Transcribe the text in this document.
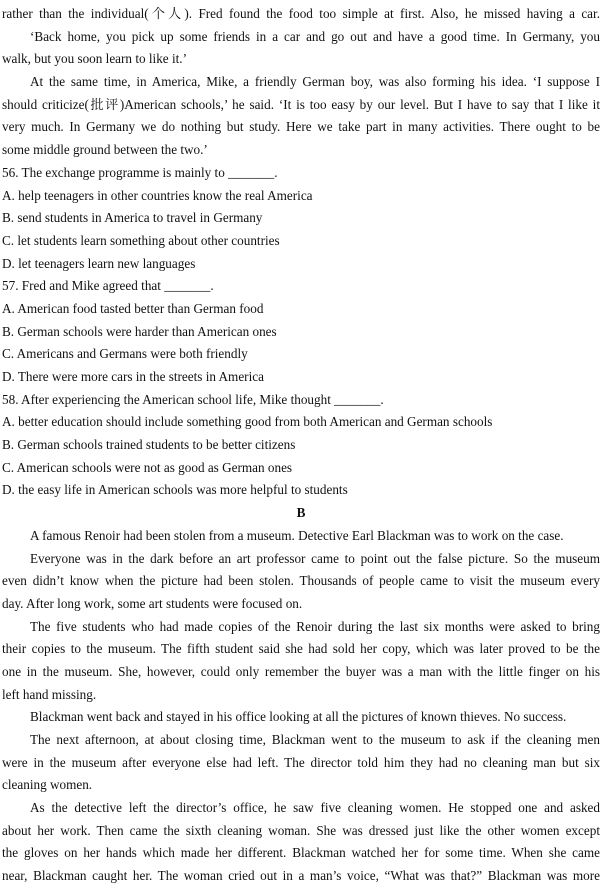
rather than the individual(个人). Fred found the food too simple at first. Also, he missed having a car.
‘Back home, you pick up some friends in a car and go out and have a good time. In Germany, you
walk, but you soon learn to like it.’
At the same time, in America, Mike, a friendly German boy, was also forming his idea. ‘I suppose I
should criticize(批评)American schools,’ he said. ‘It is too easy by our level. But I have to say that I like it
very much. In Germany we do nothing but study. Here we take part in many activities. There ought to be
some middle ground between the two.’
56. The exchange programme is mainly to _______.
A. help teenagers in other countries know the real America
B. send students in America to travel in Germany
C. let students learn something about other countries
D. let teenagers learn new languages
57. Fred and Mike agreed that _______.
A. American food tasted better than German food
B. German schools were harder than American ones
C. Americans and Germans were both friendly
D. There were more cars in the streets in America
58. After experiencing the American school life, Mike thought _______.
A. better education should include something good from both American and German schools
B. German schools trained students to be better citizens
C. American schools were not as good as German ones
D. the easy life in American schools was more helpful to students
B
A famous Renoir had been stolen from a museum. Detective Earl Blackman was to work on the case.
Everyone was in the dark before an art professor came to point out the false picture. So the museum
even didn’t know when the picture had been stolen. Thousands of people came to visit the museum every
day. After long work, some art students were focused on.
The five students who had made copies of the Renoir during the last six months were asked to bring
their copies to the museum. The fifth student said she had sold her copy, which was later proved to be the
one in the museum. She, however, could only remember the buyer was a man with the little finger on his
left hand missing.
Blackman went back and stayed in his office looking at all the pictures of known thieves. No success.
The next afternoon, at about closing time, Blackman went to the museum to ask if the cleaning men
were in the museum after everyone else had left. The director told him they had no cleaning man but six
cleaning women.
As the detective left the director’s office, he saw five cleaning women. He stopped one and asked
about her work. Then came the sixth cleaning woman. She was dressed just like the other women except
the gloves on her hands which made her different. Blackman watched her for some time. When she came
near, Blackman caught her. The woman cried out in a man’s voice, “What was that?” Blackman was more
